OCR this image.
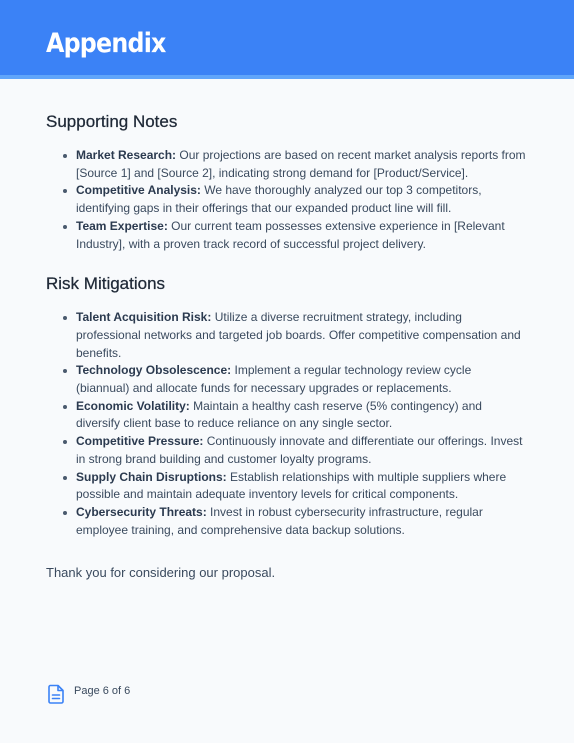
Appendix
Supporting Notes
Market Research: Our projections are based on recent market analysis reports from [Source 1] and [Source 2], indicating strong demand for [Product/Service].
Competitive Analysis: We have thoroughly analyzed our top 3 competitors, identifying gaps in their offerings that our expanded product line will fill.
Team Expertise: Our current team possesses extensive experience in [Relevant Industry], with a proven track record of successful project delivery.
Risk Mitigations
Talent Acquisition Risk: Utilize a diverse recruitment strategy, including professional networks and targeted job boards. Offer competitive compensation and benefits.
Technology Obsolescence: Implement a regular technology review cycle (biannual) and allocate funds for necessary upgrades or replacements.
Economic Volatility: Maintain a healthy cash reserve (5% contingency) and diversify client base to reduce reliance on any single sector.
Competitive Pressure: Continuously innovate and differentiate our offerings. Invest in strong brand building and customer loyalty programs.
Supply Chain Disruptions: Establish relationships with multiple suppliers where possible and maintain adequate inventory levels for critical components.
Cybersecurity Threats: Invest in robust cybersecurity infrastructure, regular employee training, and comprehensive data backup solutions.

Thank you for considering our proposal.

Page 6 of 6
